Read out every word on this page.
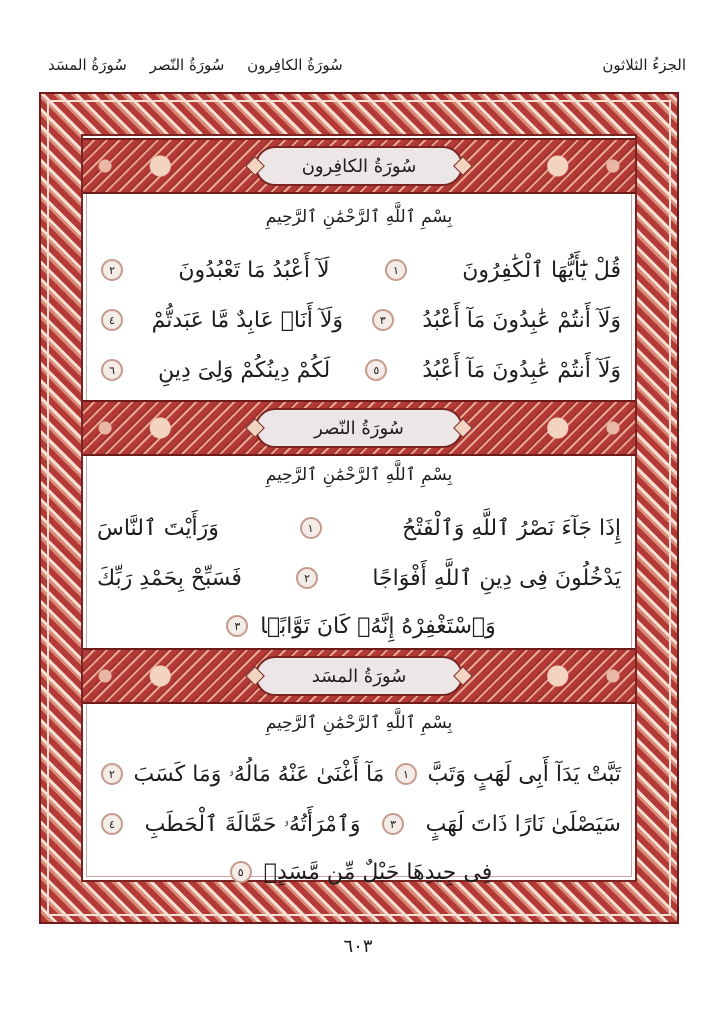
الجزءُ الثلاثون
سُورَةُ الكافِرون سُورَةُ النّصر سُورَةُ المسَد
سُورَةُ الكافِرون
بِسْمِ ٱللَّهِ ٱلرَّحْمَٰنِ ٱلرَّحِيمِ
قُلْ يَٰٓأَيُّهَا ٱلْكَٰفِرُونَ
١
لَآ أَعْبُدُ مَا تَعْبُدُونَ
٢
وَلَآ أَنتُمْ عَٰبِدُونَ مَآ أَعْبُدُ
٣
وَلَآ أَنَا۠ عَابِدٌ مَّا عَبَدتُّمْ
٤
وَلَآ أَنتُمْ عَٰبِدُونَ مَآ أَعْبُدُ
٥
لَكُمْ دِينُكُمْ وَلِىَ دِينِ
٦
سُورَةُ النّصر
بِسْمِ ٱللَّهِ ٱلرَّحْمَٰنِ ٱلرَّحِيمِ
إِذَا جَآءَ نَصْرُ ٱللَّهِ وَٱلْفَتْحُ
١
وَرَأَيْتَ ٱلنَّاسَ
يَدْخُلُونَ فِى دِينِ ٱللَّهِ أَفْوَاجًا
٢
فَسَبِّحْ بِحَمْدِ رَبِّكَ
وَٱسْتَغْفِرْهُ إِنَّهُۥ كَانَ تَوَّابًۢا
٣
سُورَةُ المسَد
بِسْمِ ٱللَّهِ ٱلرَّحْمَٰنِ ٱلرَّحِيمِ
تَبَّتْ يَدَآ أَبِى لَهَبٍ وَتَبَّ
١
مَآ أَغْنَىٰ عَنْهُ مَالُهُۥ وَمَا كَسَبَ
٢
سَيَصْلَىٰ نَارًا ذَاتَ لَهَبٍ
٣
وَٱمْرَأَتُهُۥ حَمَّالَةَ ٱلْحَطَبِ
٤
فِى جِيدِهَا حَبْلٌ مِّن مَّسَدٍۭ
٥
٦٠٣
